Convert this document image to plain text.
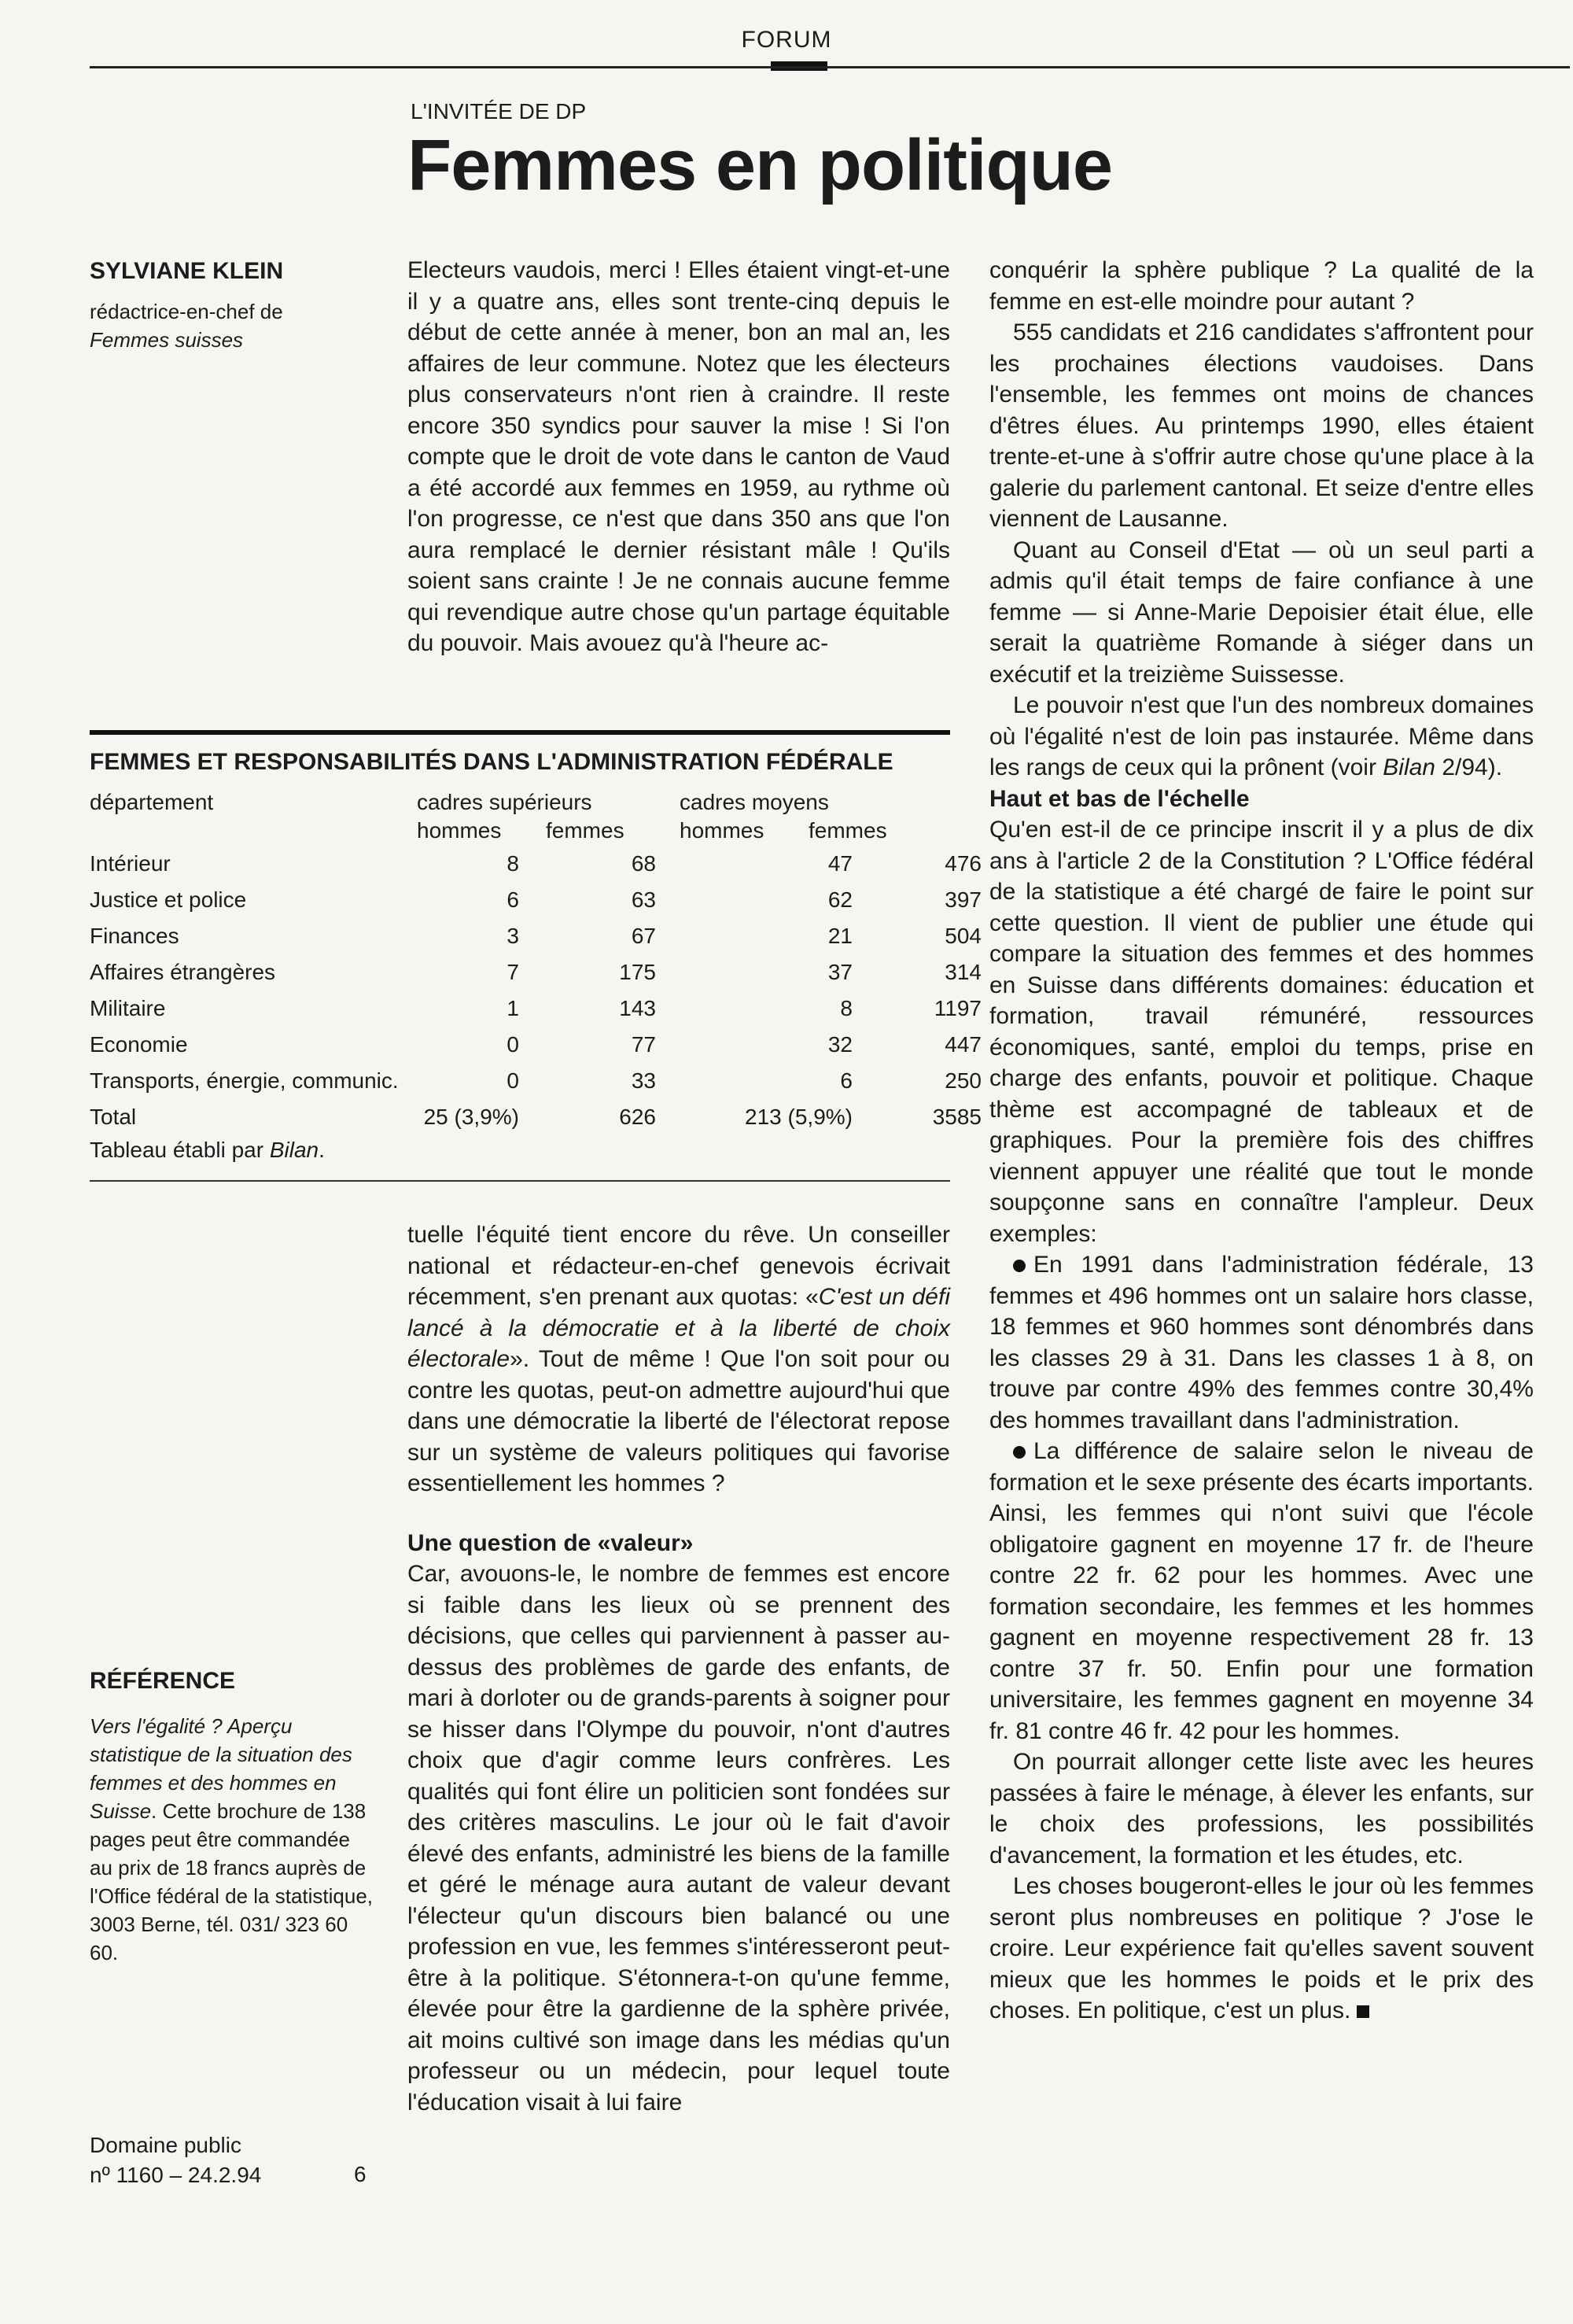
FORUM
L'INVITÉE DE DP
Femmes en politique
SYLVIANE KLEIN
rédactrice-en-chef de
Femmes suisses

Electeurs vaudois, merci ! Elles étaient vingt-et-une il y a quatre ans, elles sont trente-cinq depuis le début de cette année à mener, bon an mal an, les affaires de leur commune. Notez que les électeurs plus conservateurs n'ont rien à craindre. Il reste encore 350 syndics pour sauver la mise ! Si l'on compte que le droit de vote dans le canton de Vaud a été accordé aux femmes en 1959, au rythme où l'on progresse, ce n'est que dans 350 ans que l'on aura remplacé le dernier résistant mâle ! Qu'ils soient sans crainte ! Je ne connais aucune femme qui revendique autre chose qu'un partage équitable du pouvoir. Mais avouez qu'à l'heure ac-

FEMMES ET RESPONSABILITÉS DANS L'ADMINISTRATION FÉDÉRALE
département	cadres supérieurs	cadres moyens
hommes femmes	hommes femmes
Intérieur	8	68	47	476
Justice et police	6	63	62	397
Finances	3	67	21	504
Affaires étrangères	7	175	37	314
Militaire	1	143	8	1197
Economie	0	77	32	447
Transports, énergie, communic.	0	33	6	250
Total	25 (3,9%)	626	213 (5,9%)	3585
Tableau établi par Bilan.

tuelle l'équité tient encore du rêve. Un conseiller national et rédacteur-en-chef genevois écrivait récemment, s'en prenant aux quotas: «C'est un défi lancé à la démocratie et à la liberté de choix électorale». Tout de même ! Que l'on soit pour ou contre les quotas, peut-on admettre aujourd'hui que dans une démocratie la liberté de l'électorat repose sur un système de valeurs politiques qui favorise essentiellement les hommes ?

Une question de «valeur»

Car, avouons-le, le nombre de femmes est encore si faible dans les lieux où se prennent des décisions, que celles qui parviennent à passer au-dessus des problèmes de garde des enfants, de mari à dorloter ou de grands-parents à soigner pour se hisser dans l'Olympe du pouvoir, n'ont d'autres choix que d'agir comme leurs confrères. Les qualités qui font élire un politicien sont fondées sur des critères masculins. Le jour où le fait d'avoir élevé des enfants, administré les biens de la famille et géré le ménage aura autant de valeur devant l'électeur qu'un discours bien balancé ou une profession en vue, les femmes s'intéresseront peut-être à la politique. S'étonnera-t-on qu'une femme, élevée pour être la gardienne de la sphère privée, ait moins cultivé son image dans les médias qu'un professeur ou un médecin, pour lequel toute l'éducation visait à lui faire

conquérir la sphère publique ? La qualité de la femme en est-elle moindre pour autant ?

555 candidats et 216 candidates s'affrontent pour les prochaines élections vaudoises. Dans l'ensemble, les femmes ont moins de chances d'êtres élues. Au printemps 1990, elles étaient trente-et-une à s'offrir autre chose qu'une place à la galerie du parlement cantonal. Et seize d'entre elles viennent de Lausanne.

Quant au Conseil d'Etat — où un seul parti a admis qu'il était temps de faire confiance à une femme — si Anne-Marie Depoisier était élue, elle serait la quatrième Romande à siéger dans un exécutif et la treizième Suissesse.

Le pouvoir n'est que l'un des nombreux domaines où l'égalité n'est de loin pas instaurée. Même dans les rangs de ceux qui la prônent (voir Bilan 2/94).

Haut et bas de l'échelle

Qu'en est-il de ce principe inscrit il y a plus de dix ans à l'article 2 de la Constitution ? L'Office fédéral de la statistique a été chargé de faire le point sur cette question. Il vient de publier une étude qui compare la situation des femmes et des hommes en Suisse dans différents domaines: éducation et formation, travail rémunéré, ressources économiques, santé, emploi du temps, prise en charge des enfants, pouvoir et politique. Chaque thème est accompagné de tableaux et de graphiques. Pour la première fois des chiffres viennent appuyer une réalité que tout le monde soupçonne sans en connaître l'ampleur. Deux exemples:

En 1991 dans l'administration fédérale, 13 femmes et 496 hommes ont un salaire hors classe, 18 femmes et 960 hommes sont dénombrés dans les classes 29 à 31. Dans les classes 1 à 8, on trouve par contre 49% des femmes contre 30,4% des hommes travaillant dans l'administration.

La différence de salaire selon le niveau de formation et le sexe présente des écarts importants. Ainsi, les femmes qui n'ont suivi que l'école obligatoire gagnent en moyenne 17 fr. de l'heure contre 22 fr. 62 pour les hommes. Avec une formation secondaire, les femmes et les hommes gagnent en moyenne respectivement 28 fr. 13 contre 37 fr. 50. Enfin pour une formation universitaire, les femmes gagnent en moyenne 34 fr. 81 contre 46 fr. 42 pour les hommes.

On pourrait allonger cette liste avec les heures passées à faire le ménage, à élever les enfants, sur le choix des professions, les possibilités d'avancement, la formation et les études, etc.

Les choses bougeront-elles le jour où les femmes seront plus nombreuses en politique ? J'ose le croire. Leur expérience fait qu'elles savent souvent mieux que les hommes le poids et le prix des choses. En politique, c'est un plus.

RÉFÉRENCE
Vers l'égalité ? Aperçu statistique de la situation des femmes et des hommes en Suisse. Cette brochure de 138 pages peut être commandée au prix de 18 francs auprès de l'Office fédéral de la statistique, 3003 Berne, tél. 031/ 323 60 60.
Domaine public
nº 1160 – 24.2.94	6
